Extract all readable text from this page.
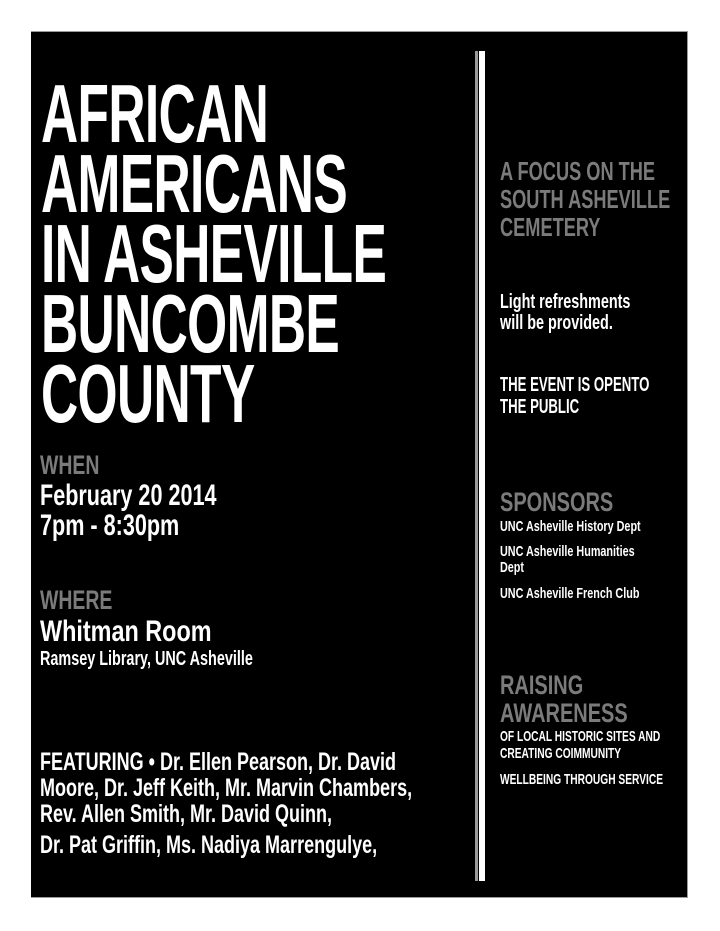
AFRICAN
AMERICANS
IN ASHEVILLE
BUNCOMBE
COUNTY
WHEN
February 20 2014
7pm - 8:30pm
WHERE
Whitman Room
Ramsey Library, UNC Asheville
FEATURING • Dr. Ellen Pearson, Dr. David
Moore, Dr. Jeff Keith, Mr. Marvin Chambers,
Rev. Allen Smith, Mr. David Quinn,
Dr. Pat Griffin, Ms. Nadiya Marrengulye,
A FOCUS ON THE
SOUTH ASHEVILLE
CEMETERY
Light refreshments
will be provided.
THE EVENT IS OPENTO
THE PUBLIC
SPONSORS
UNC Asheville History Dept
UNC Asheville Humanities
Dept
UNC Asheville French Club
RAISING
AWARENESS
OF LOCAL HISTORIC SITES AND
CREATING COIMMUNITY
WELLBEING THROUGH SERVICE
